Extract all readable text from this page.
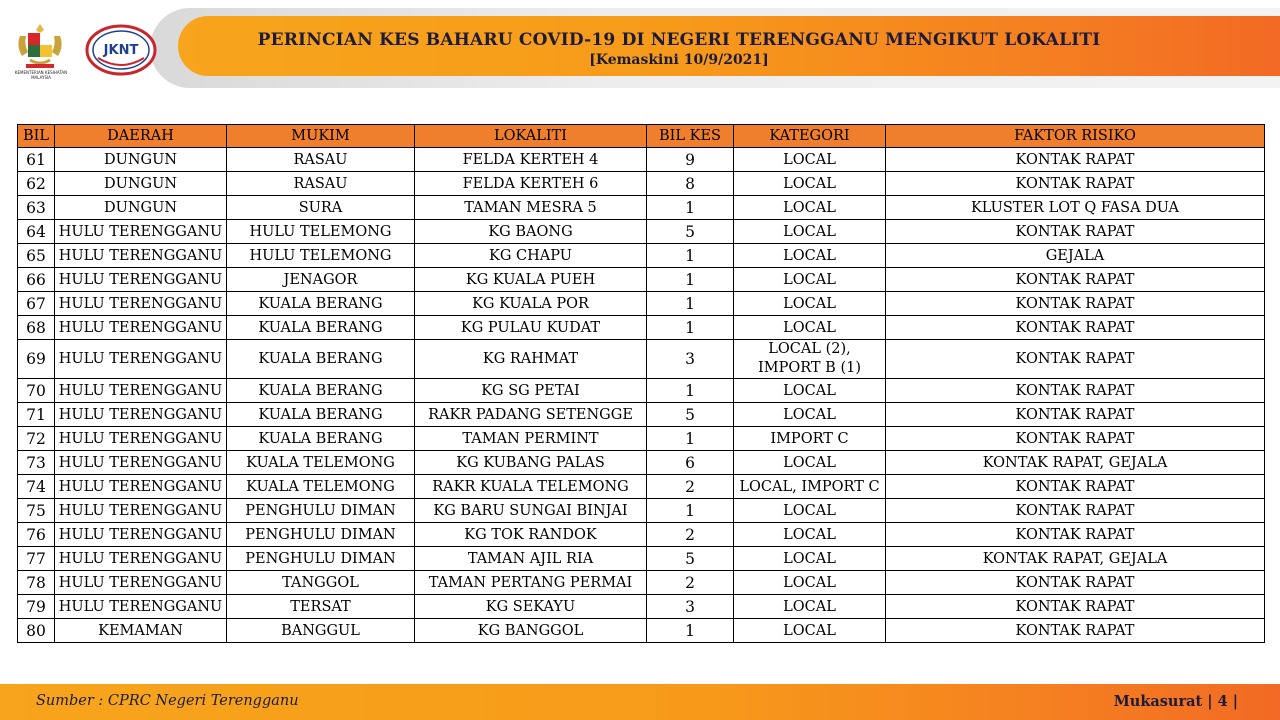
PERINCIAN KES BAHARU COVID-19 DI NEGERI TERENGGANU MENGIKUT LOKALITI
[Kemaskini 10/9/2021]
KEMENTERIAN KESIHATAN MALAYSIA
JKNT
BIL	DAERAH	MUKIM	LOKALITI	BIL KES	KATEGORI	FAKTOR RISIKO
61	DUNGUN	RASAU	FELDA KERTEH 4	9	LOCAL	KONTAK RAPAT
62	DUNGUN	RASAU	FELDA KERTEH 6	8	LOCAL	KONTAK RAPAT
63	DUNGUN	SURA	TAMAN MESRA 5	1	LOCAL	KLUSTER LOT Q FASA DUA
64	HULU TERENGGANU	HULU TELEMONG	KG BAONG	5	LOCAL	KONTAK RAPAT
65	HULU TERENGGANU	HULU TELEMONG	KG CHAPU	1	LOCAL	GEJALA
66	HULU TERENGGANU	JENAGOR	KG KUALA PUEH	1	LOCAL	KONTAK RAPAT
67	HULU TERENGGANU	KUALA BERANG	KG KUALA POR	1	LOCAL	KONTAK RAPAT
68	HULU TERENGGANU	KUALA BERANG	KG PULAU KUDAT	1	LOCAL	KONTAK RAPAT
69	HULU TERENGGANU	KUALA BERANG	KG RAHMAT	3	LOCAL (2), IMPORT B (1)	KONTAK RAPAT
70	HULU TERENGGANU	KUALA BERANG	KG SG PETAI	1	LOCAL	KONTAK RAPAT
71	HULU TERENGGANU	KUALA BERANG	RAKR PADANG SETENGGE	5	LOCAL	KONTAK RAPAT
72	HULU TERENGGANU	KUALA BERANG	TAMAN PERMINT	1	IMPORT C	KONTAK RAPAT
73	HULU TERENGGANU	KUALA TELEMONG	KG KUBANG PALAS	6	LOCAL	KONTAK RAPAT, GEJALA
74	HULU TERENGGANU	KUALA TELEMONG	RAKR KUALA TELEMONG	2	LOCAL, IMPORT C	KONTAK RAPAT
75	HULU TERENGGANU	PENGHULU DIMAN	KG BARU SUNGAI BINJAI	1	LOCAL	KONTAK RAPAT
76	HULU TERENGGANU	PENGHULU DIMAN	KG TOK RANDOK	2	LOCAL	KONTAK RAPAT
77	HULU TERENGGANU	PENGHULU DIMAN	TAMAN AJIL RIA	5	LOCAL	KONTAK RAPAT, GEJALA
78	HULU TERENGGANU	TANGGOL	TAMAN PERTANG PERMAI	2	LOCAL	KONTAK RAPAT
79	HULU TERENGGANU	TERSAT	KG SEKAYU	3	LOCAL	KONTAK RAPAT
80	KEMAMAN	BANGGUL	KG BANGGOL	1	LOCAL	KONTAK RAPAT
Sumber : CPRC Negeri Terengganu	Mukasurat | 4 |
